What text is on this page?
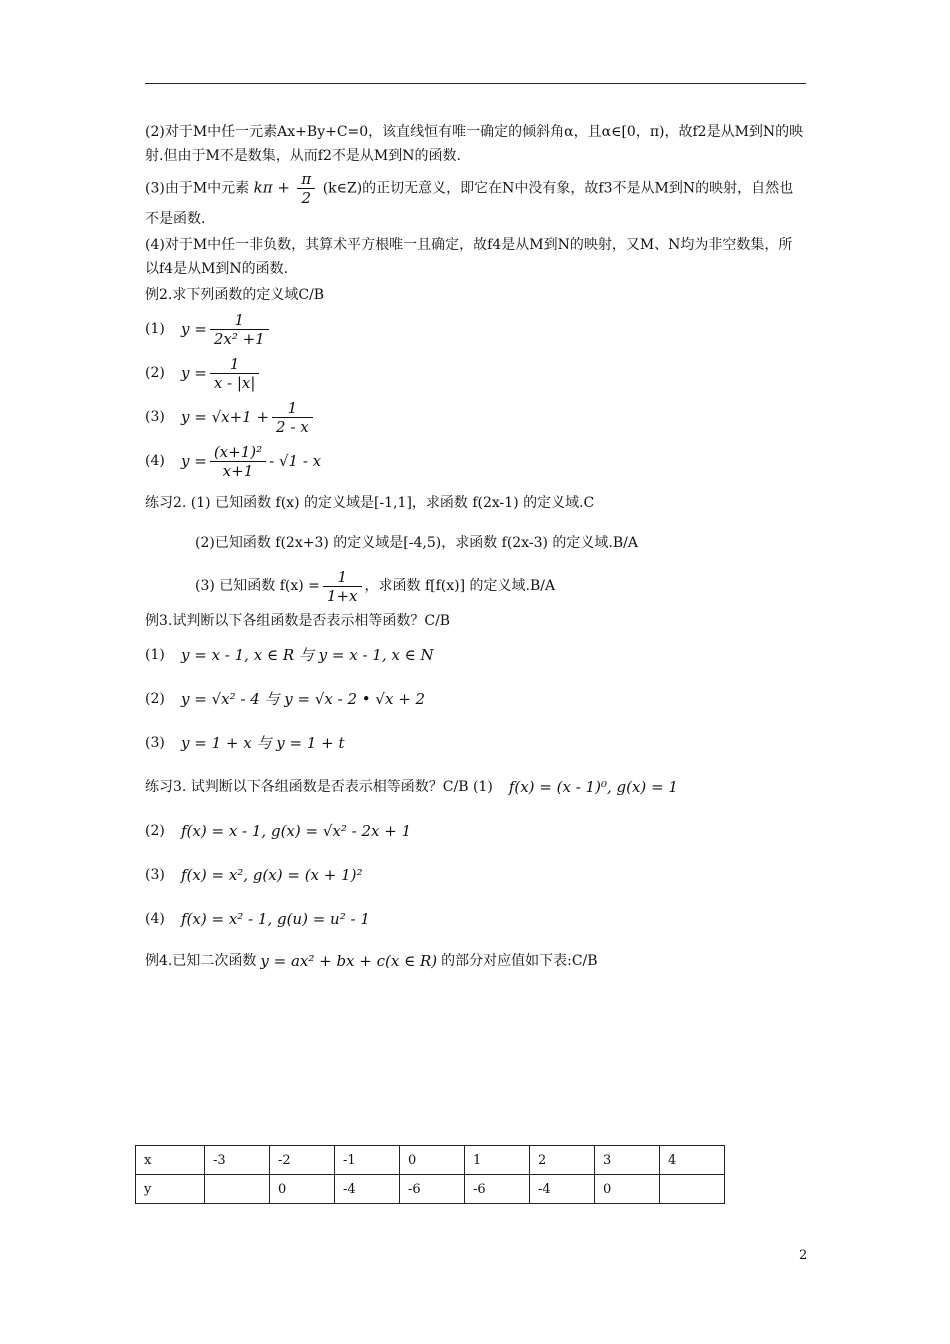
(2)对于M中任一元素Ax+By+C=0，该直线恒有唯一确定的倾斜角α，且α∈[0，π)，故f2是从M到N的映射.但由于M不是数集，从而f2不是从M到N的函数.

(3)由于M中元素 $k\pi + \frac{\pi}{2}$ (k∈Z)的正切无意义，即它在N中没有象，故f3不是从M到N的映射，自然也不是函数.

(4)对于M中任一非负数，其算术平方根唯一且确定，故f4是从M到N的映射，又M、N均为非空数集，所以f4是从M到N的函数.

例2.求下列函数的定义域C/B
(1)	$y = \frac{1}{\text{2x² +1}}$
(2)	$y = \frac{1}{x - |x|}$
(3)	$y = √x+1 + \frac{1}{2 - x}$
(4)	$y = \frac{\text{(x+1)²}}{x+1} - √1 - x$
练习2. (1) 已知函数 f(x) 的定义域是[-1,1]，求函数 f(2x-1) 的定义域.C
(2)已知函数 f(2x+3) 的定义域是[-4,5)，求函数 f(2x-3) 的定义域.B/A
(3) 已知函数 $f(x) = \frac{1}{1+x}$ ，求函数 f[f(x)] 的定义域.B/A
例3.试判断以下各组函数是否表示相等函数？C/B
(1)	y = x - 1, x ∈ R 与 y = x - 1, x ∈ N
(2)	y = √x² - 4 与 y = √x - 2 • √x + 2
(3)	y = 1 + x 与 y = 1 + t
练习3. 试判断以下各组函数是否表示相等函数？C/B (1) f(x) = (x - 1)⁰, g(x) = 1
(2)	f(x) = x - 1, g(x) = √x² - 2x + 1
(3)	f(x) = x², g(x) = (x + 1)²
(4)	f(x) = x² - 1, g(u) = u² - 1
例4.已知二次函数 y = ax² + bx + c(x ∈ R) 的部分对应值如下表:C/B
x	-3	-2	-1	0	1	2	3	4
y		0	-4	-6	-6	-4	0	
2
